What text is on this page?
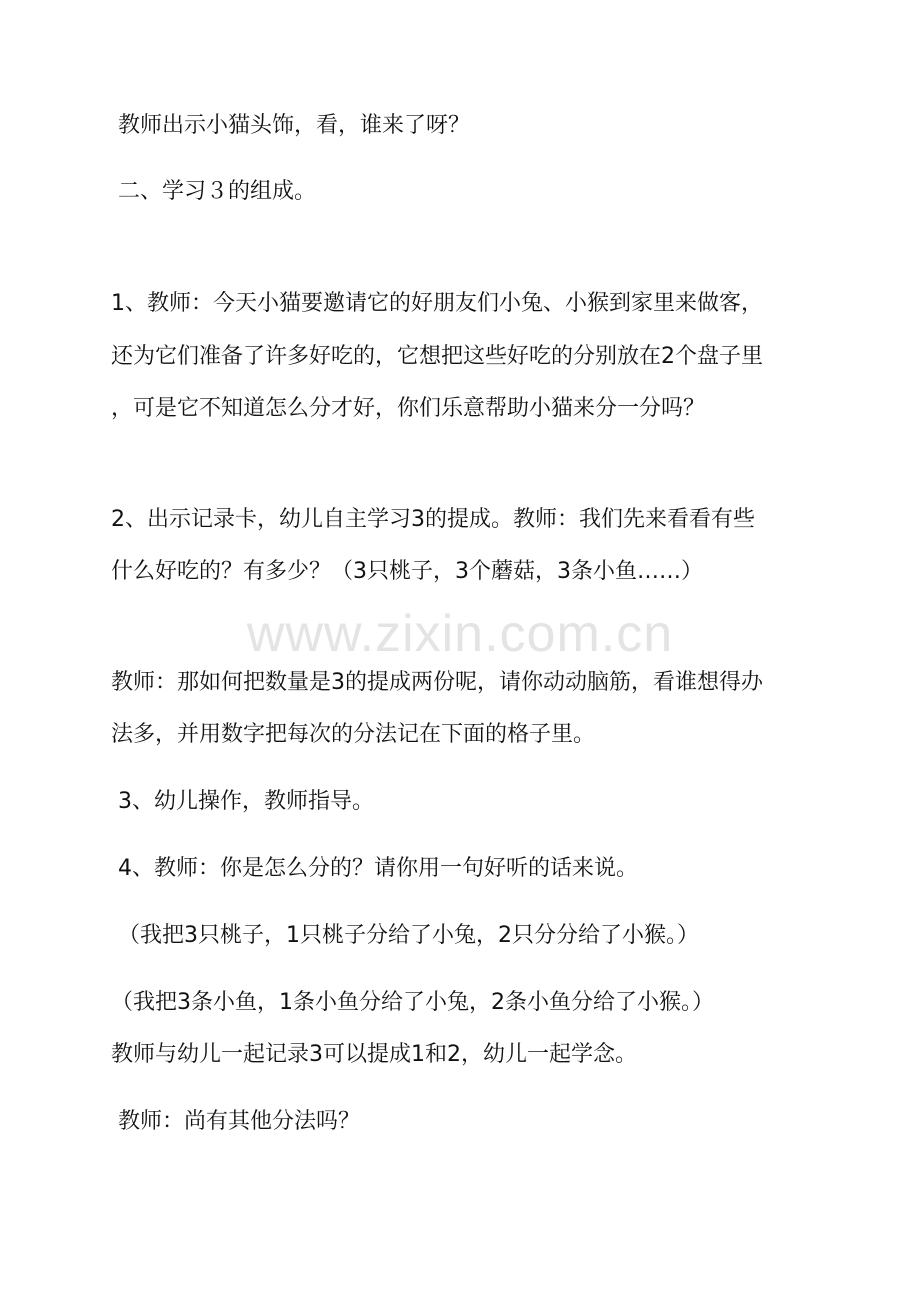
教师出示小猫头饰，看，谁来了呀？
二、学习３的组成。
1、教师：今天小猫要邀请它的好朋友们小兔、小猴到家里来做客，
还为它们准备了许多好吃的，它想把这些好吃的分别放在2个盘子里
，可是它不知道怎么分才好，你们乐意帮助小猫来分一分吗？
2、出示记录卡，幼儿自主学习3的提成。教师：我们先来看看有些
什么好吃的？有多少？（3只桃子，3个蘑菇，3条小鱼……）
教师：那如何把数量是3的提成两份呢，请你动动脑筋，看谁想得办
法多，并用数字把每次的分法记在下面的格子里。
3、幼儿操作，教师指导。
4、教师：你是怎么分的？请你用一句好听的话来说。
（我把3只桃子，1只桃子分给了小兔，2只分分给了小猴。）
（我把3条小鱼，1条小鱼分给了小兔，2条小鱼分给了小猴。）
教师与幼儿一起记录3可以提成1和2，幼儿一起学念。
教师：尚有其他分法吗？
www.zixin.com.cn
